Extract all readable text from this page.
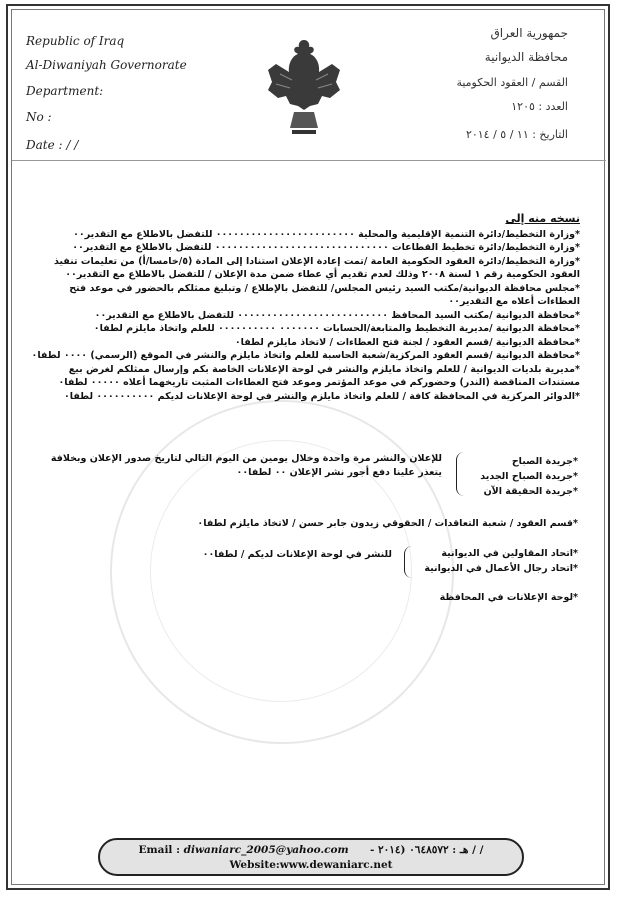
Republic of Iraq
Al-Diwaniyah Governorate
Department:
No :
Date : / /
جمهورية العراق
محافظة الديوانية
القسم / العقود الحكومية
العدد : ١٢٠٥
التاريخ : ١١ / ٥ / ٢٠١٤

نسخه منه إلى

*وزارة التخطيط/دائرة التنمية الإقليمية والمحلية ٠٠٠٠٠٠٠٠٠٠٠٠٠٠٠٠٠٠٠٠٠٠٠٠ للتفضل بالاطلاع مع التقدير٠٠

*وزارة التخطيط/دائرة تخطيط القطاعات ٠٠٠٠٠٠٠٠٠٠٠٠٠٠٠٠٠٠٠٠٠٠٠٠٠٠٠٠٠٠ للتفضل بالاطلاع مع التقدير٠٠

*وزارة التخطيط/دائرة العقود الحكومية العامة /تمت إعادة الإعلان استنادا إلى المادة (٥/خامسا/أ) من تعليمات تنفيذ العقود الحكومية رقم ١ لسنة ٢٠٠٨ وذلك لعدم تقديم أي عطاء ضمن مدة الإعلان / للتفضل بالاطلاع مع التقدير٠٠

*مجلس محافظة الديوانية/مكتب السيد رئيس المجلس/ للتفضل بالإطلاع / وتبليغ ممثلكم بالحضور في موعد فتح العطاءات أعلاه مع التقدير٠٠

*محافظة الديوانية /مكتب السيد المحافظ ٠٠٠٠٠٠٠٠٠٠٠٠٠٠٠٠٠٠٠٠٠٠٠٠٠٠ للتفضل بالاطلاع مع التقدير٠٠

*محافظة الديوانية /مديرية التخطيط والمتابعة/الحسابات ٠٠٠٠٠٠٠ ٠٠٠٠٠٠٠٠٠٠ للعلم واتخاذ مايلزم لطفا٠

*محافظة الديوانية /قسم العقود / لجنة فتح العطاءات / لاتخاذ مايلزم لطفا٠

*محافظة الديوانية /قسم العقود المركزية/شعبة الحاسبة للعلم واتخاذ مايلزم والنشر في الموقع (الرسمي) ٠٠٠٠ لطفا٠

*مديرية بلديات الديوانية / للعلم واتخاذ مايلزم والنشر في لوحة الإعلانات الخاصة بكم وإرسال ممثلكم لغرض بيع مستندات المناقصة (الندر) وحضوركم في موعد المؤتمر وموعد فتح العطاءات المثبت تاريخهما أعلاه ٠٠٠٠٠ لطفا٠

*الدوائر المركزية في المحافظة كافة / للعلم واتخاذ مايلزم والنشر في لوحة الإعلانات لديكم ٠٠٠٠٠٠٠٠٠٠ لطفا٠

*جريدة الصباح
*جريدة الصباح الجديد
*جريدة الحقيقة الآن
للإعلان والنشر مرة واحدة وخلال يومين من اليوم التالي لتاريخ صدور الإعلان وبخلافة
يتعذر علينا دفع أجور نشر الإعلان ٠٠ لطفا٠٠
*قسم العقود / شعبة التعاقدات / الحقوقي زيدون جابر حسن / لاتخاذ مايلزم لطفا٠
*اتحاد المقاولين في الديوانية
*اتحاد رجال الأعمال في الديوانية
للنشر في لوحة الإعلانات لديكم / لطفا٠٠
*لوحة الإعلانات في المحافظة
Email : diwaniarc_2005@yahoo.com - هـ : ٠٦٤٨٥٧٢ (٢٠١٤ / /
Website:www.dewaniarc.net
